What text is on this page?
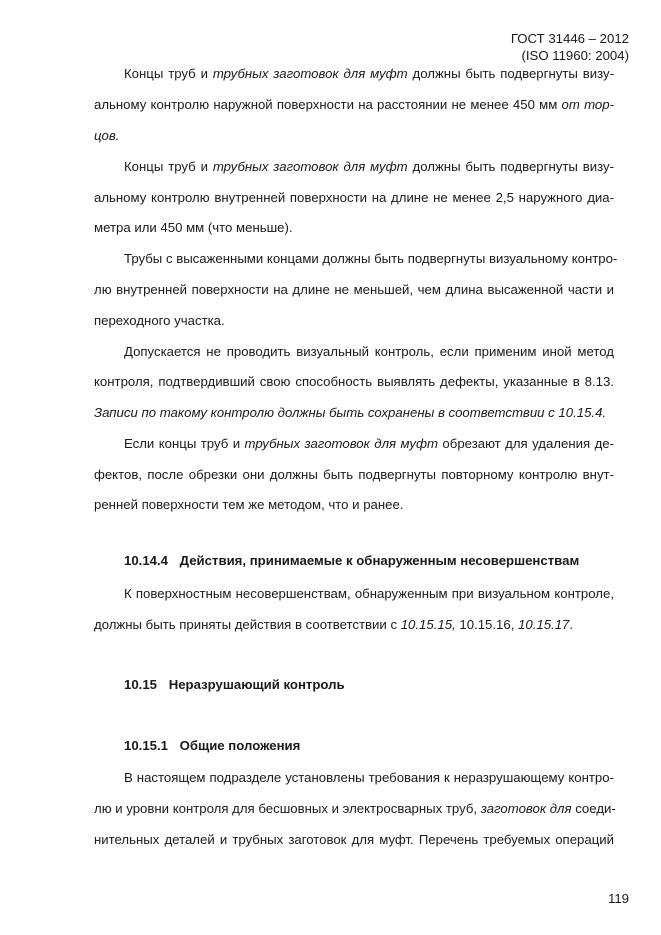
ГОСТ 31446 – 2012
(ISO 11960: 2004)
Концы труб и трубных заготовок для муфт должны быть подвергнуты визу-
альному контролю наружной поверхности на расстоянии не менее 450 мм от тор-
цов.
Концы труб и трубных заготовок для муфт должны быть подвергнуты визу-
альному контролю внутренней поверхности на длине не менее 2,5 наружного диа-
метра или 450 мм (что меньше).
Трубы с высаженными концами должны быть подвергнуты визуальному контро-
лю внутренней поверхности на длине не меньшей, чем длина высаженной части и
переходного участка.
Допускается не проводить визуальный контроль, если применим иной метод
контроля, подтвердивший свою способность выявлять дефекты, указанные в 8.13.
Записи по такому контролю должны быть сохранены в соответствии с 10.15.4.
Если концы труб и трубных заготовок для муфт обрезают для удаления де-
фектов, после обрезки они должны быть подвергнуты повторному контролю внут-
ренней поверхности тем же методом, что и ранее.
10.14.4 Действия, принимаемые к обнаруженным несовершенствам
К поверхностным несовершенствам, обнаруженным при визуальном контроле,
должны быть приняты действия в соответствии с 10.15.15, 10.15.16, 10.15.17.
10.15 Неразрушающий контроль
10.15.1 Общие положения
В настоящем подразделе установлены требования к неразрушающему контро-
лю и уровни контроля для бесшовных и электросварных труб, заготовок для соеди-
нительных деталей и трубных заготовок для муфт. Перечень требуемых операций
119
